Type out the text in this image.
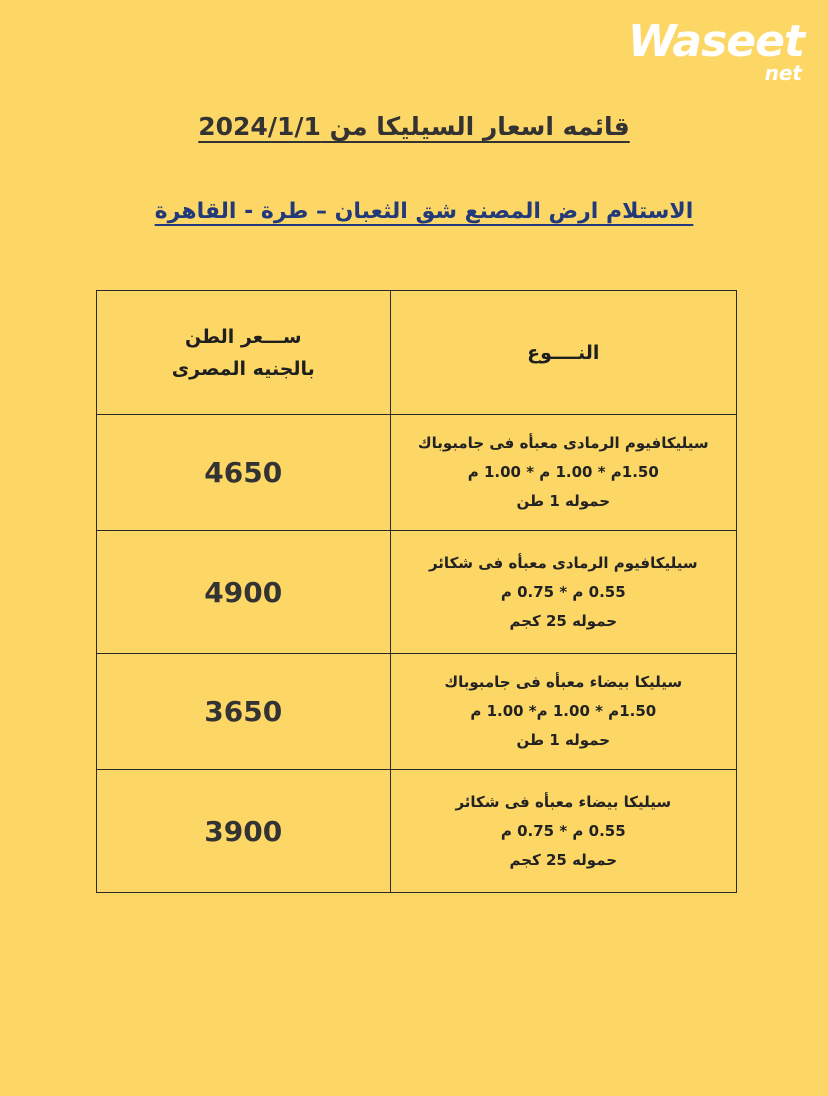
Waseet
net
قائمه اسعار السيليكا من 2024/1/1
الاستلام ارض المصنع شق الثعبان – طرة - القاهرة
ســـعر الطن
بالجنيه المصرى	النــــوع

4650	سيليكافيوم الرمادى معبأه فى جامبوباك
1.50م * 1.00 م * 1.00 م
حموله 1 طن

4900	سيليكافيوم الرمادى معبأه فى شكائر
0.55 م * 0.75 م
حموله 25 كجم

3650	سيليكا بيضاء معبأه فى جامبوباك
1.50م * 1.00 م* 1.00 م
حموله 1 طن

3900	سيليكا بيضاء معبأه فى شكائر
0.55 م * 0.75 م
حموله 25 كجم
